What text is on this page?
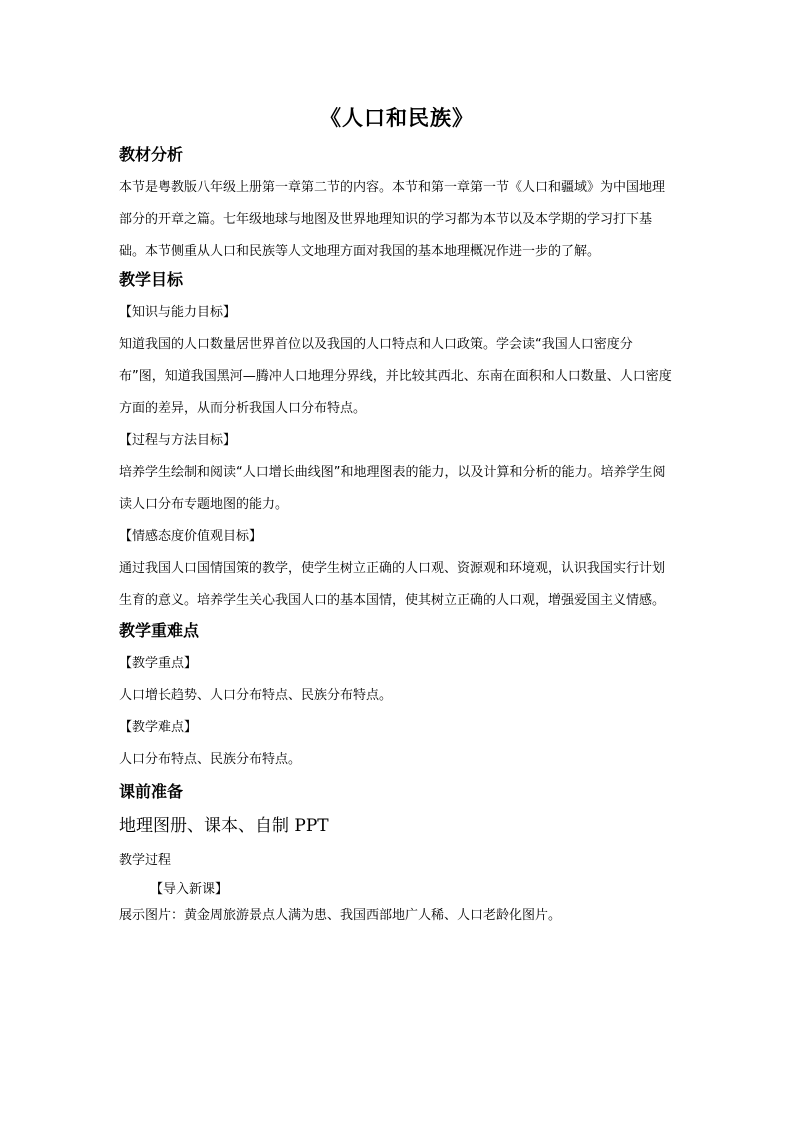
《人口和民族》
教材分析

本节是粤教版八年级上册第一章第二节的内容。本节和第一章第一节《人口和疆域》为中国地理部分的开章之篇。七年级地球与地图及世界地理知识的学习都为本节以及本学期的学习打下基础。本节侧重从人口和民族等人文地理方面对我国的基本地理概况作进一步的了解。

教学目标

【知识与能力目标】

知道我国的人口数量居世界首位以及我国的人口特点和人口政策。学会读“我国人口密度分布”图，知道我国黑河—腾冲人口地理分界线，并比较其西北、东南在面积和人口数量、人口密度方面的差异，从而分析我国人口分布特点。

【过程与方法目标】

培养学生绘制和阅读“人口增长曲线图”和地理图表的能力，以及计算和分析的能力。培养学生阅读人口分布专题地图的能力。

【情感态度价值观目标】

通过我国人口国情国策的教学，使学生树立正确的人口观、资源观和环境观，认识我国实行计划生育的意义。培养学生关心我国人口的基本国情，使其树立正确的人口观，增强爱国主义情感。

教学重难点

【教学重点】

人口增长趋势、人口分布特点、民族分布特点。

【教学难点】

人口分布特点、民族分布特点。

课前准备

地理图册、课本、自制 PPT

教学过程

【导入新课】

展示图片：黄金周旅游景点人满为患、我国西部地广人稀、人口老龄化图片。
